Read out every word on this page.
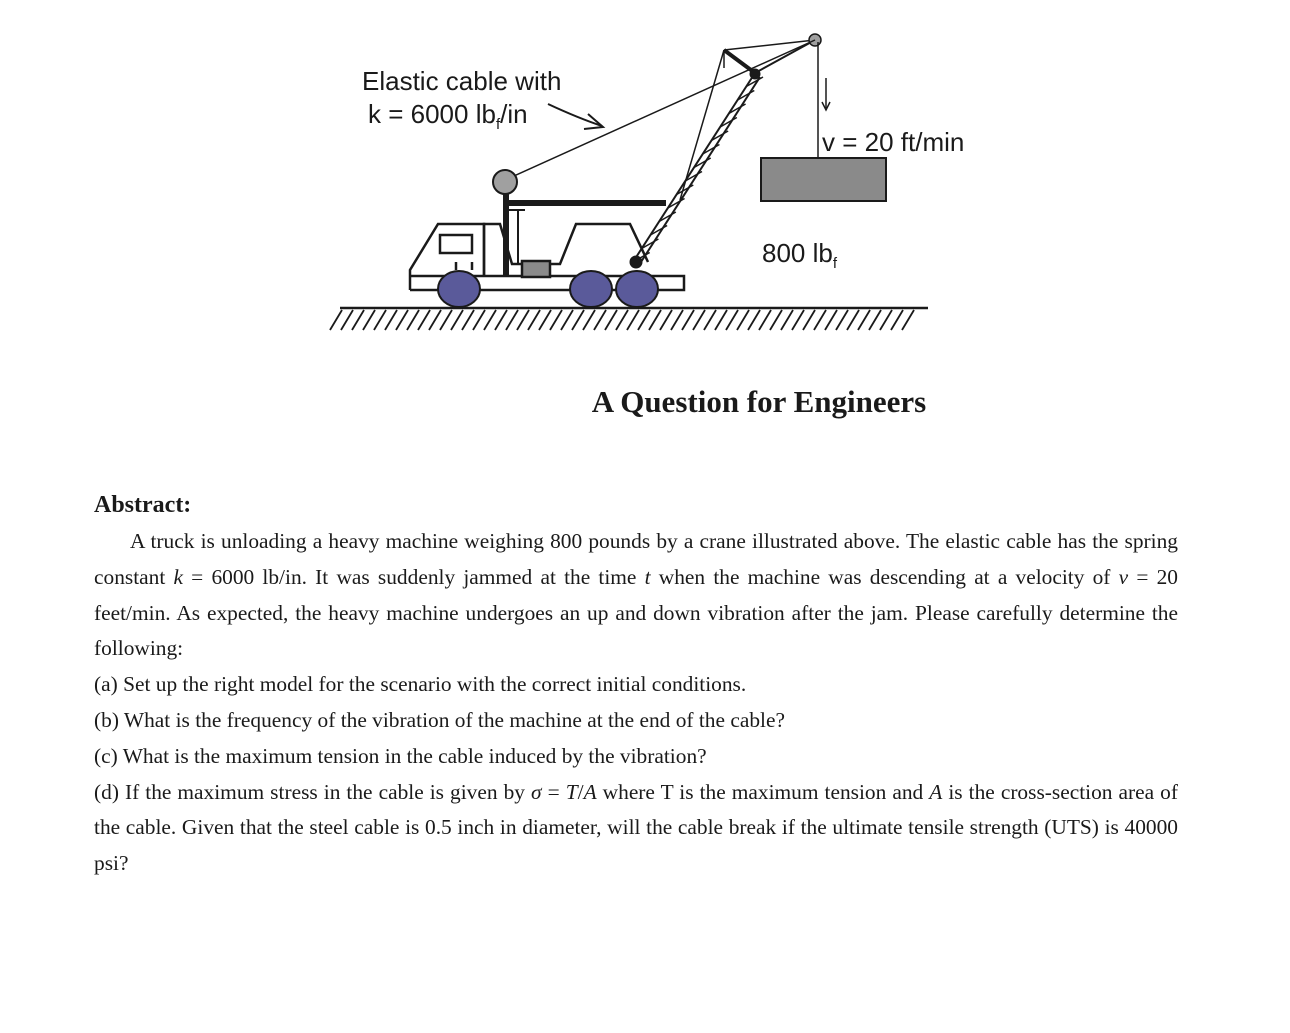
Elastic cable with
k = 6000 $lb_f/in$
v = 20 ft/min
800 $lb_f$
A Question for Engineers

Abstract:

A truck is unloading a heavy machine weighing 800 pounds by a crane illustrated above. The elastic cable has the spring constant k = 6000 lb/in. It was suddenly jammed at the time t when the machine was descending at a velocity of v = 20 feet/min. As expected, the heavy machine undergoes an up and down vibration after the jam. Please carefully determine the following:

(a) Set up the right model for the scenario with the correct initial conditions.

(b) What is the frequency of the vibration of the machine at the end of the cable?

(c) What is the maximum tension in the cable induced by the vibration?

(d) If the maximum stress in the cable is given by σ = T/A where T is the maximum tension and A is the cross-section area of the cable. Given that the steel cable is 0.5 inch in diameter, will the cable break if the ultimate tensile strength (UTS) is 40000 psi?
